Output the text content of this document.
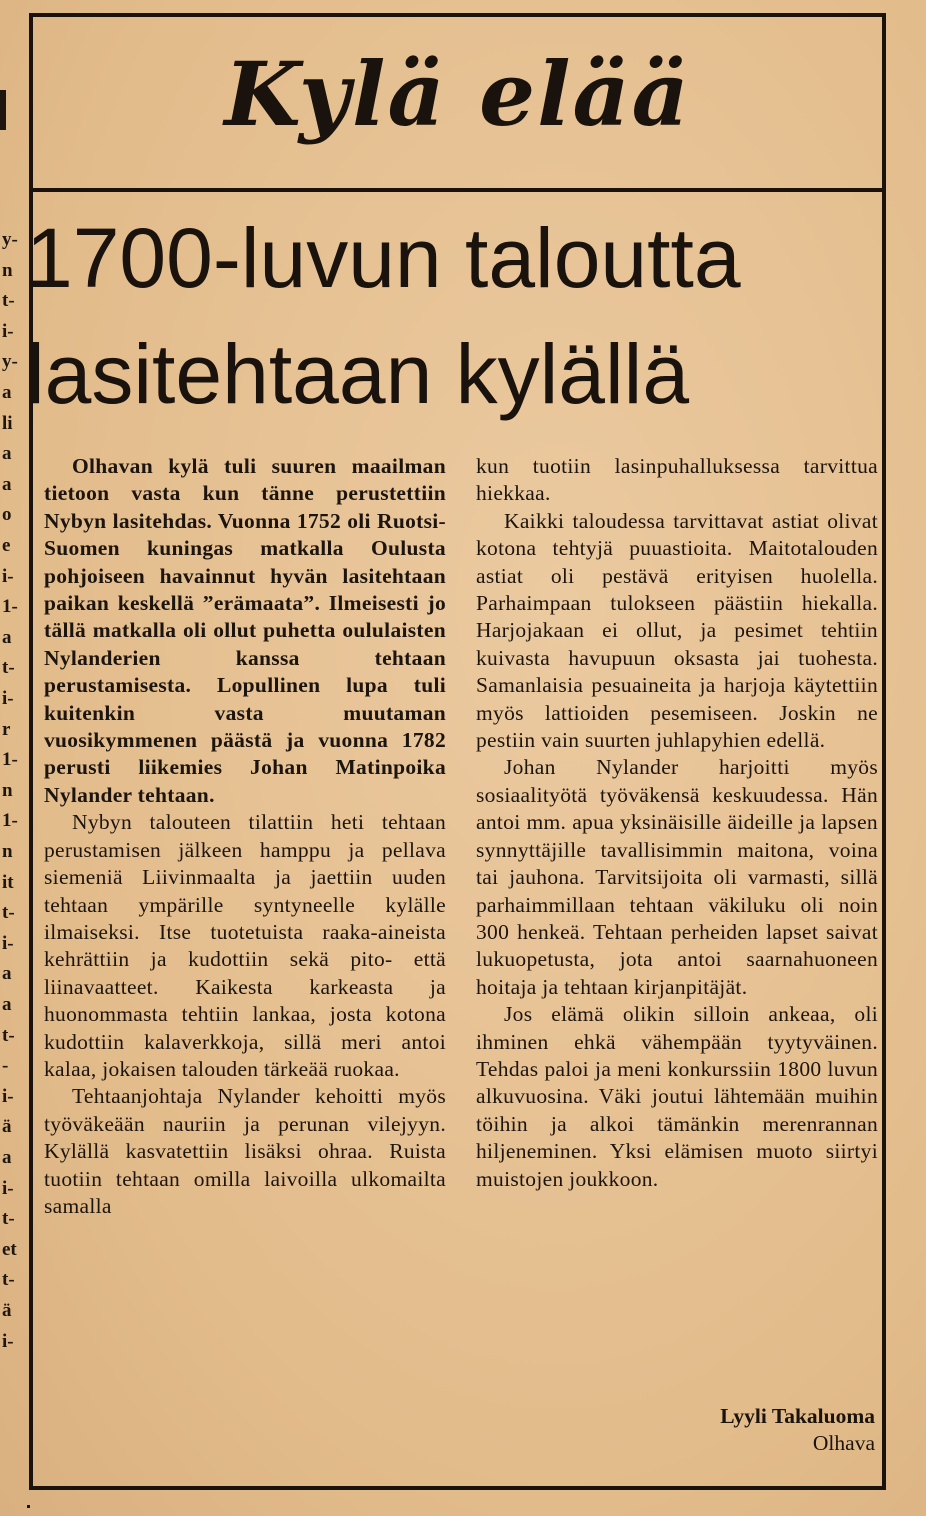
y-
n
t-
i-
y-
a
li
a
a
o
e
i-
1-
a
t-
i-
r
1-
n
1-
n
it
t-
i-
a
a
t-
-
i-
ä
a
i-
t-
et
t-
ä
i-
Kylä elää
1700-luvun taloutta
lasitehtaan kylällä

Olhavan kylä tuli suuren maailman tietoon vasta kun tänne perustettiin Nybyn lasitehdas. Vuonna 1752 oli Ruotsi-Suomen kuningas matkalla Oulusta pohjoiseen havainnut hyvän lasitehtaan paikan keskellä ”erämaata”. Ilmeisesti jo tällä matkalla oli ollut puhetta oululaisten Nylanderien kanssa tehtaan perustamisesta. Lopullinen lupa tuli kuitenkin vasta muutaman vuosikymmenen päästä ja vuonna 1782 perusti liikemies Johan Matinpoika Nylander tehtaan.

Nybyn talouteen tilattiin heti tehtaan perustamisen jälkeen hamppu ja pellava siemeniä Liivinmaalta ja jaettiin uuden tehtaan ympärille syntyneelle kylälle ilmaiseksi. Itse tuotetuista raaka-aineista kehrättiin ja kudottiin sekä pito- että liinavaatteet. Kaikesta karkeasta ja huonommasta tehtiin lankaa, josta kotona kudottiin kalaverkkoja, sillä meri antoi kalaa, jokaisen talouden tärkeää ruokaa.

Tehtaanjohtaja Nylander kehoitti myös työväkeään nauriin ja perunan vilejyyn. Kylällä kasvatettiin lisäksi ohraa. Ruista tuotiin tehtaan omilla laivoilla ulkomailta samalla

kun tuotiin lasinpuhalluksessa tarvittua hiekkaa.

Kaikki taloudessa tarvittavat astiat olivat kotona tehtyjä puuastioita. Maitotalouden astiat oli pestävä erityisen huolella. Parhaimpaan tulokseen päästiin hiekalla. Harjojakaan ei ollut, ja pesimet tehtiin kuivasta havupuun oksasta jai tuohesta. Samanlaisia pesuaineita ja harjoja käytettiin myös lattioiden pesemiseen. Joskin ne pestiin vain suurten juhlapyhien edellä.

Johan Nylander harjoitti myös sosiaalityötä työväkensä keskuudessa. Hän antoi mm. apua yksinäisille äideille ja lapsen synnyttäjille tavallisimmin maitona, voina tai jauhona. Tarvitsijoita oli varmasti, sillä parhaimmillaan tehtaan väkiluku oli noin 300 henkeä. Tehtaan perheiden lapset saivat lukuopetusta, jota antoi saarnahuoneen hoitaja ja tehtaan kirjanpitäjät.

Jos elämä olikin silloin ankeaa, oli ihminen ehkä vähempään tyytyväinen. Tehdas paloi ja meni konkurssiin 1800 luvun alkuvuosina. Väki joutui lähtemään muihin töihin ja alkoi tämänkin merenrannan hiljeneminen. Yksi elämisen muoto siirtyi muistojen joukkoon.

Lyyli Takaluoma
Olhava
